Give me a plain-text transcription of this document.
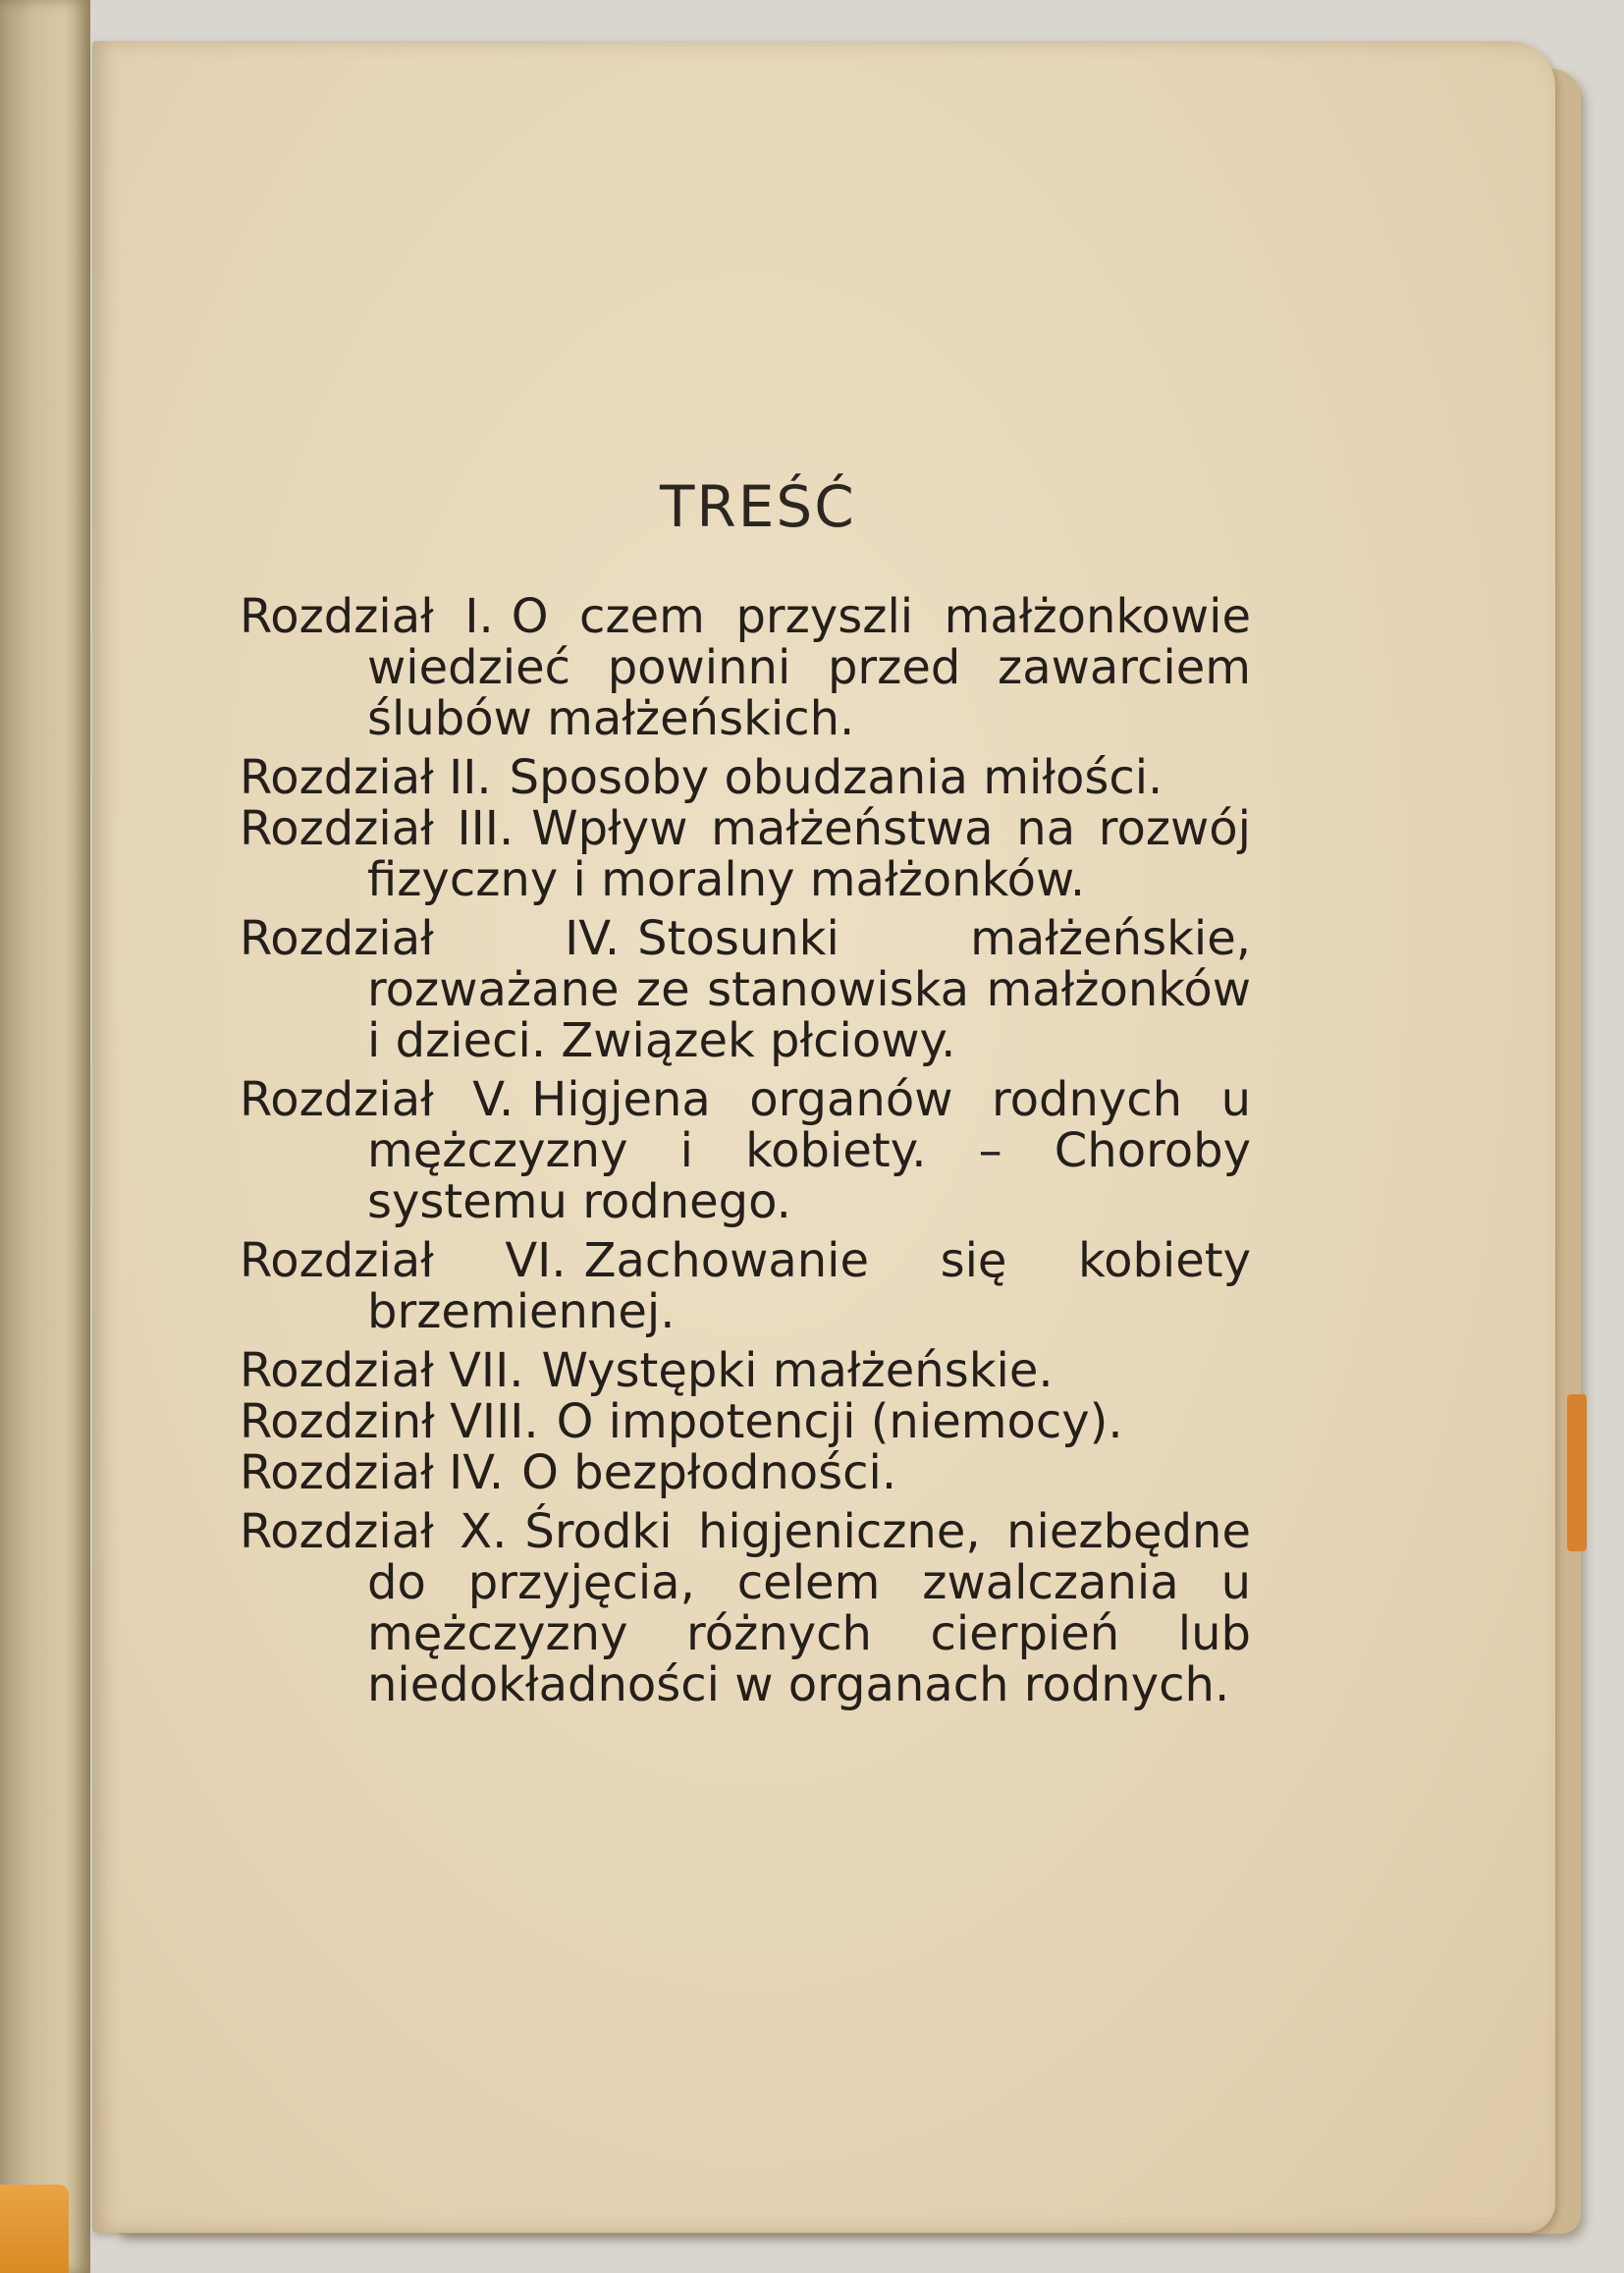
TREŚĆ

Rozdział I. O czem przyszli małżonkowie wiedzieć powinni przed zawarciem ślubów małżeńskich.

Rozdział II. Sposoby obudzania miłości.

Rozdział III. Wpływ małżeństwa na rozwój fizyczny i moralny małżonków.

Rozdział IV. Stosunki małżeńskie, rozważane ze stanowiska małżonków i dzieci. Związek płciowy.

Rozdział V. Higjena organów rodnych u mężczyzny i kobiety. – Choroby systemu rodnego.

Rozdział VI. Zachowanie się kobiety brzemiennej.

Rozdział VII. Występki małżeńskie.

Rozdzinł VIII. O impotencji (niemocy).

Rozdział IV. O bezpłodności.

Rozdział X. Środki higjeniczne, niezbędne do przyjęcia, celem zwalczania u mężczyzny różnych cierpień lub niedokładności w organach rodnych.
